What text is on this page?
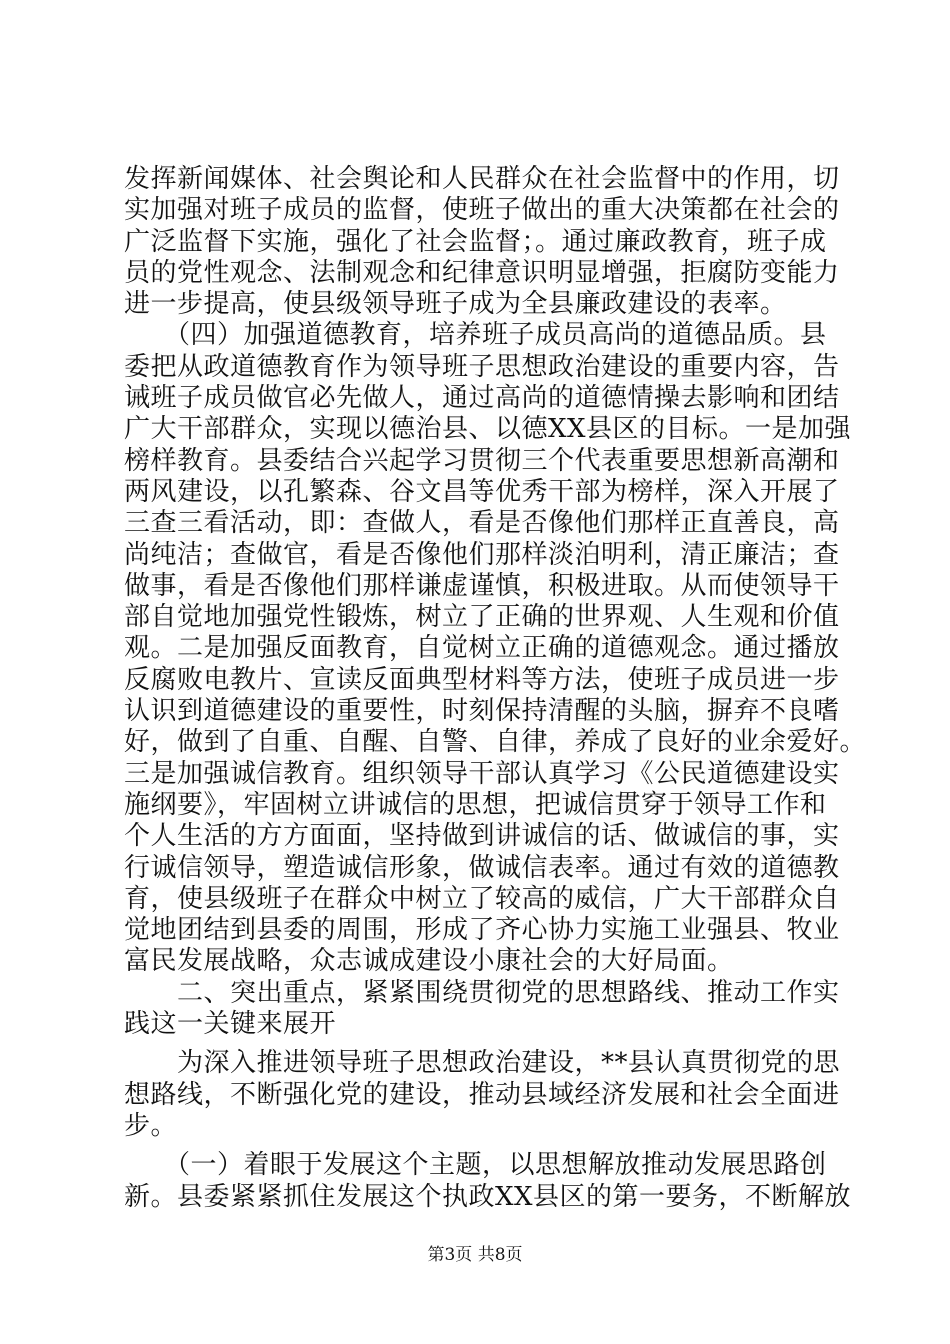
发挥新闻媒体、社会舆论和人民群众在社会监督中的作用，切
实加强对班子成员的监督，使班子做出的重大决策都在社会的
广泛监督下实施，强化了社会监督；。通过廉政教育，班子成
员的党性观念、法制观念和纪律意识明显增强，拒腐防变能力
进一步提高，使县级领导班子成为全县廉政建设的表率。
　　（四）加强道德教育，培养班子成员高尚的道德品质。县
委把从政道德教育作为领导班子思想政治建设的重要内容，告
诫班子成员做官必先做人，通过高尚的道德情操去影响和团结
广大干部群众，实现以德治县、以德XX县区的目标。一是加强
榜样教育。县委结合兴起学习贯彻三个代表重要思想新高潮和
两风建设，以孔繁森、谷文昌等优秀干部为榜样，深入开展了
三查三看活动，即：查做人，看是否像他们那样正直善良，高
尚纯洁；查做官，看是否像他们那样淡泊明利，清正廉洁；查
做事，看是否像他们那样谦虚谨慎，积极进取。从而使领导干
部自觉地加强党性锻炼，树立了正确的世界观、人生观和价值
观。二是加强反面教育，自觉树立正确的道德观念。通过播放
反腐败电教片、宣读反面典型材料等方法，使班子成员进一步
认识到道德建设的重要性，时刻保持清醒的头脑，摒弃不良嗜
好，做到了自重、自醒、自警、自律，养成了良好的业余爱好。
三是加强诚信教育。组织领导干部认真学习《公民道德建设实
施纲要》，牢固树立讲诚信的思想，把诚信贯穿于领导工作和
个人生活的方方面面，坚持做到讲诚信的话、做诚信的事，实
行诚信领导，塑造诚信形象，做诚信表率。通过有效的道德教
育，使县级班子在群众中树立了较高的威信，广大干部群众自
觉地团结到县委的周围，形成了齐心协力实施工业强县、牧业
富民发展战略，众志诚成建设小康社会的大好局面。
　　二、突出重点，紧紧围绕贯彻党的思想路线、推动工作实
践这一关键来展开
　　为深入推进领导班子思想政治建设，**县认真贯彻党的思
想路线，不断强化党的建设，推动县域经济发展和社会全面进
步。
　　（一）着眼于发展这个主题，以思想解放推动发展思路创
新。县委紧紧抓住发展这个执政XX县区的第一要务，不断解放
第3页 共8页
